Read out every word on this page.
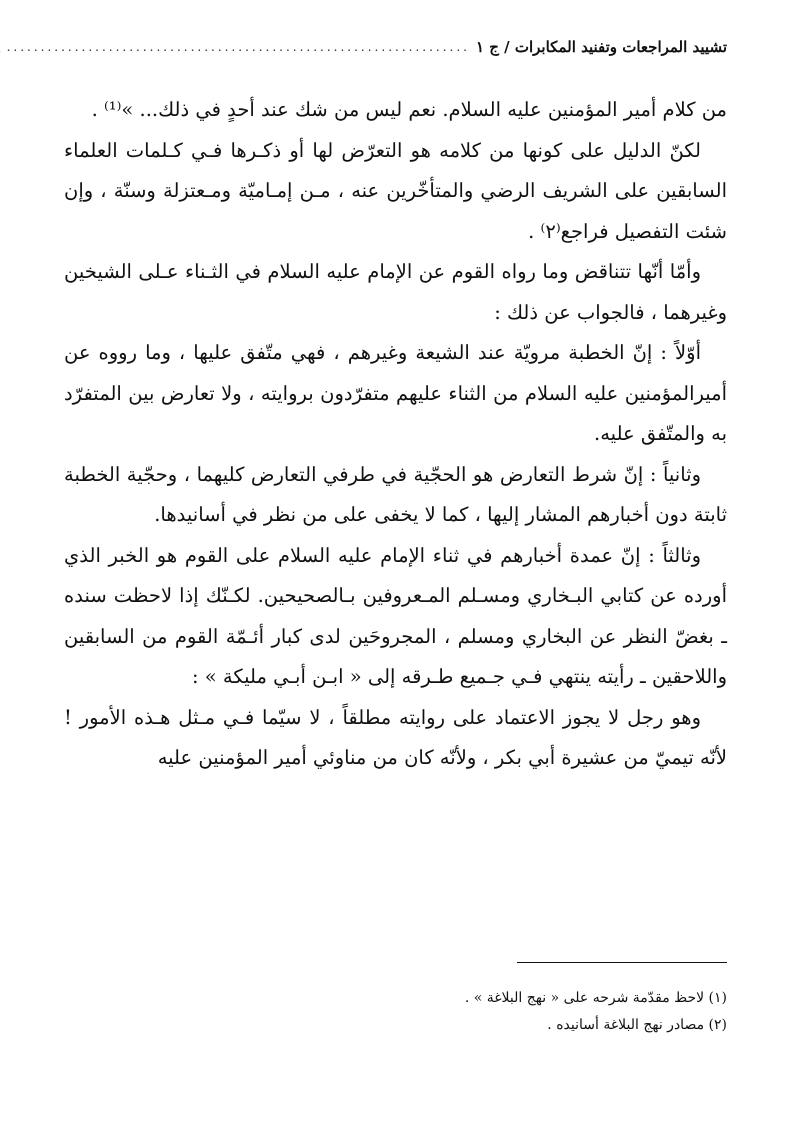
تشييد المراجعات وتفنيد المكابرات / ج ١
....................................................................

من كلام أمير المؤمنين عليه السلام. نعم ليس من شك عند أحدٍ في ذلك... »⁽¹⁾ .

لكنّ الدليل على كونها من كلامه هو التعرّض لها أو ذكـرها فـي كـلمات العلماء السابقين على الشريف الرضي والمتأخّرين عنه ، مـن إمـاميّة ومـعتزلة وسنّة ، وإن شئت التفصيل فراجع⁽٢⁾ .

وأمّا أنّها تتناقض وما رواه القوم عن الإمام عليه السلام في الثـناء عـلى الشيخين وغيرهما ، فالجواب عن ذلك :

أوّلاً : إنّ الخطبة مرويّة عند الشيعة وغيرهم ، فهي متّفق عليها ، وما رووه عن أميرالمؤمنين عليه السلام من الثناء عليهم متفرّدون بروايته ، ولا تعارض بين المتفرّد به والمتّفق عليه.

وثانياً : إنّ شرط التعارض هو الحجّية في طرفي التعارض كليهما ، وحجّية الخطبة ثابتة دون أخبارهم المشار إليها ، كما لا يخفى على من نظر في أسانيدها.

وثالثاً : إنّ عمدة أخبارهم في ثناء الإمام عليه السلام على القوم هو الخبر الذي أورده عن كتابي البـخاري ومسـلم المـعروفين بـالصحيحين. لكـنّك إذا لاحظت سنده ـ بغضّ النظر عن البخاري ومسلم ، المجروحَين لدى كبار أئـمّة القوم من السابقين واللاحقين ـ رأيته ينتهي فـي جـميع طـرقه إلى « ابـن أبـي مليكة » :

وهو رجل لا يجوز الاعتماد على روايته مطلقاً ، لا سيّما فـي مـثل هـذه الأمور ! لأنّه تيميّ من عشيرة أبي بكر ، ولأنّه كان من مناوئي أمير المؤمنين عليه

(١) لاحظ مقدّمة شرحه على « نهج البلاغة » .

(٢) مصادر نهج البلاغة أسانيده .
